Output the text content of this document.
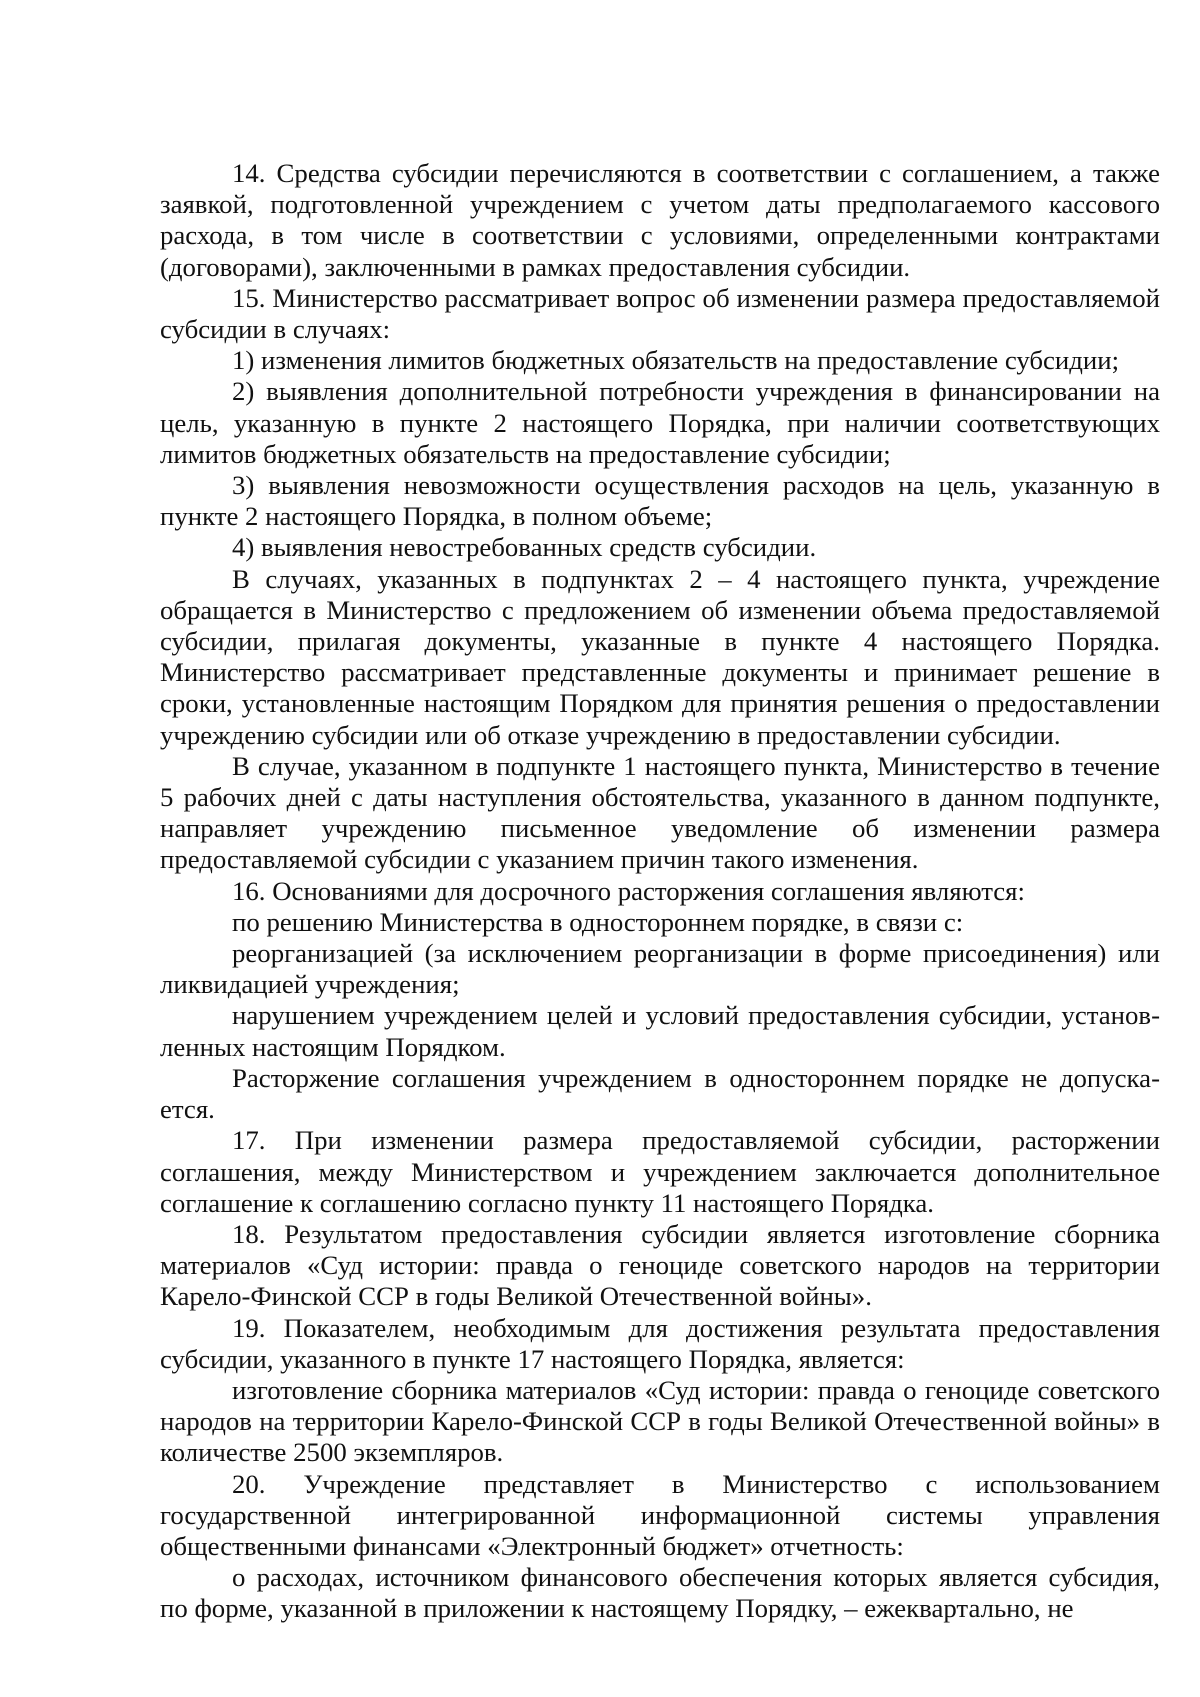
14. Средства субсидии перечисляются в соответствии с соглашением, а также заявкой, подготовленной учреждением с учетом даты предполагаемого кассового расхода, в том числе в соответствии с условиями, определенными контрактами (договорами), заключенными в рамках предоставления субсидии.

15. Министерство рассматривает вопрос об изменении размера предоставляемой субсидии в случаях:

1) изменения лимитов бюджетных обязательств на предоставление субсидии;

2) выявления дополнительной потребности учреждения в финансировании на цель, указанную в пункте 2 настоящего Порядка, при наличии соответствующих лимитов бюджетных обязательств на предоставление субсидии;

3) выявления невозможности осуществления расходов на цель, указанную в пункте 2 настоящего Порядка, в полном объеме;

4) выявления невостребованных средств субсидии.

В случаях, указанных в подпунктах 2 – 4 настоящего пункта, учреждение обращается в Министерство с предложением об изменении объема предоставляемой субсидии, прилагая документы, указанные в пункте 4 настоящего Порядка. Министерство рассматривает представленные документы и принимает решение в сроки, установленные настоящим Порядком для принятия решения о предоставлении учреждению субсидии или об отказе учреждению в предоставлении субсидии.

В случае, указанном в подпункте 1 настоящего пункта, Министерство в течение 5 рабочих дней с даты наступления обстоятельства, указанного в данном подпункте, направляет учреждению письменное уведомление об изменении размера предоставляемой субсидии с указанием причин такого изменения.

16. Основаниями для досрочного расторжения соглашения являются:

по решению Министерства в одностороннем порядке, в связи с:

реорганизацией (за исключением реорганизации в форме присоединения) или ликвидацией учреждения;

нарушением учреждением целей и условий предоставления субсидии, установленных настоящим Порядком.

Расторжение соглашения учреждением в одностороннем порядке не допускается.

17. При изменении размера предоставляемой субсидии, расторжении соглашения, между Министерством и учреждением заключается дополнительное соглашение к соглашению согласно пункту 11 настоящего Порядка.

18. Результатом предоставления субсидии является изготовление сборника материалов «Суд истории: правда о геноциде советского народов на территории Карело-Финской ССР в годы Великой Отечественной войны».

19. Показателем, необходимым для достижения результата предоставления субсидии, указанного в пункте 17 настоящего Порядка, является:

изготовление сборника материалов «Суд истории: правда о геноциде советского народов на территории Карело-Финской ССР в годы Великой Отечественной войны» в количестве 2500 экземпляров.

20. Учреждение представляет в Министерство с использованием государственной интегрированной информационной системы управления общественными финансами «Электронный бюджет» отчетность:

о расходах, источником финансового обеспечения которых является субсидия, по форме, указанной в приложении к настоящему Порядку, – ежеквартально, не
